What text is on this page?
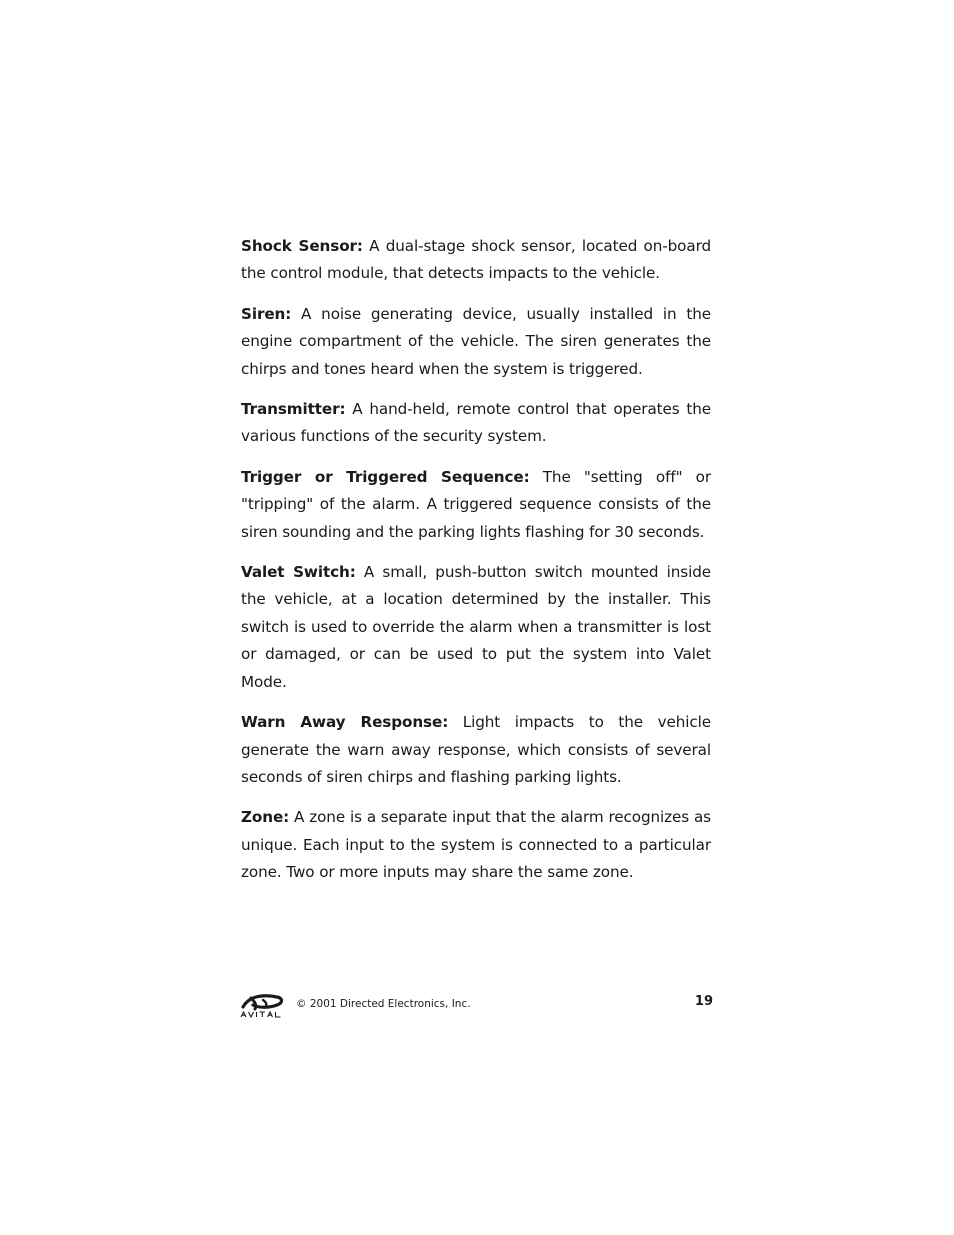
Shock Sensor: A dual-stage shock sensor, located on-board the control module, that detects impacts to the vehicle.

Siren: A noise generating device, usually installed in the engine compartment of the vehicle. The siren generates the chirps and tones heard when the system is triggered.

Transmitter: A hand-held, remote control that operates the various functions of the security system.

Trigger or Triggered Sequence: The "setting off" or "tripping" of the alarm. A triggered sequence consists of the siren sounding and the parking lights flashing for 30 seconds.

Valet Switch: A small, push-button switch mounted inside the vehicle, at a location determined by the installer. This switch is used to override the alarm when a transmitter is lost or damaged, or can be used to put the system into Valet Mode.

Warn Away Response: Light impacts to the vehicle generate the warn away response, which consists of several seconds of siren chirps and flashing parking lights.

Zone: A zone is a separate input that the alarm recognizes as unique. Each input to the system is connected to a particular zone. Two or more inputs may share the same zone.

© 2001 Directed Electronics, Inc.	19
